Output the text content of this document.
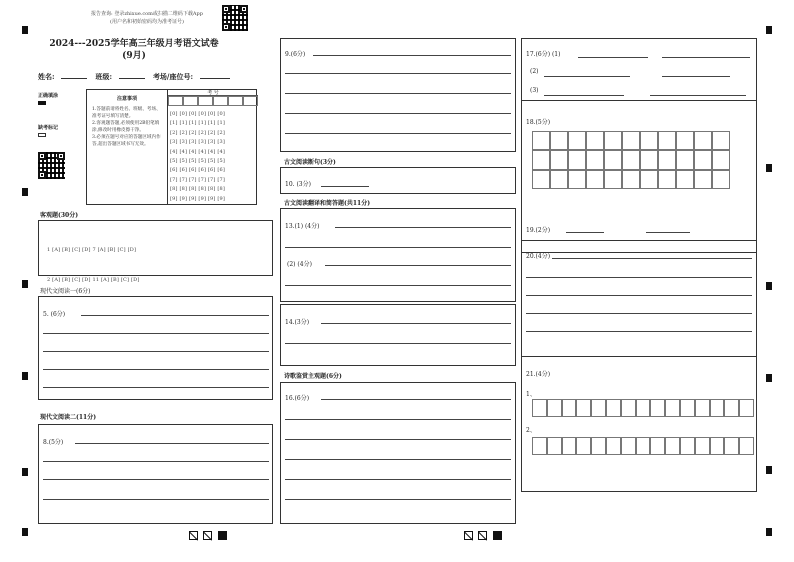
报告查询: 登录zhixue.com或扫描二维码下载App
(用户名和初始密码均为准考证号)
2024---2025学年高三年级月考语文试卷
(9月)
姓名:	班级:	考场/座位号:
正确填涂
缺考标记
注意事项
1.答题前请将姓名、班级、考场、准考证号填写清楚。
2.客观题答题,必须使用2B铅笔填涂,修改时用橡皮擦干净。
3.必须在题号对应的答题区域内作答,超出答题区域书写无效。
考 号
[0] [0] [0] [0] [0] [0]
[1] [1] [1] [1] [1] [1]
[2] [2] [2] [2] [2] [2]
[3] [3] [3] [3] [3] [3]
[4] [4] [4] [4] [4] [4]
[5] [5] [5] [5] [5] [5]
[6] [6] [6] [6] [6] [6]
[7] [7] [7] [7] [7] [7]
[8] [8] [8] [8] [8] [8]
[9] [9] [9] [9] [9] [9]
客观题(30分)

1 [A] [B] [C] [D] 7 [A] [B] [C] [D]

2 [A] [B] [C] [D] 11 [A] [B] [C] [D]

现代文阅读一(6分)
5. (6分)
现代文阅读二(11分)
8.(5分)
9.(6分)
古文阅读断句(3分)
10. (3分)
古文阅读翻译和简答题(共11分)
13.(1) (4分)
(2) (4分)
14.(3分)
诗歌鉴赏主观题(6分)
16.(6分)
17.(6分) (1)
(2)
(3)
18.(5分)
19.(2分)
20.(4分)
21.(4分)
1、
2、
